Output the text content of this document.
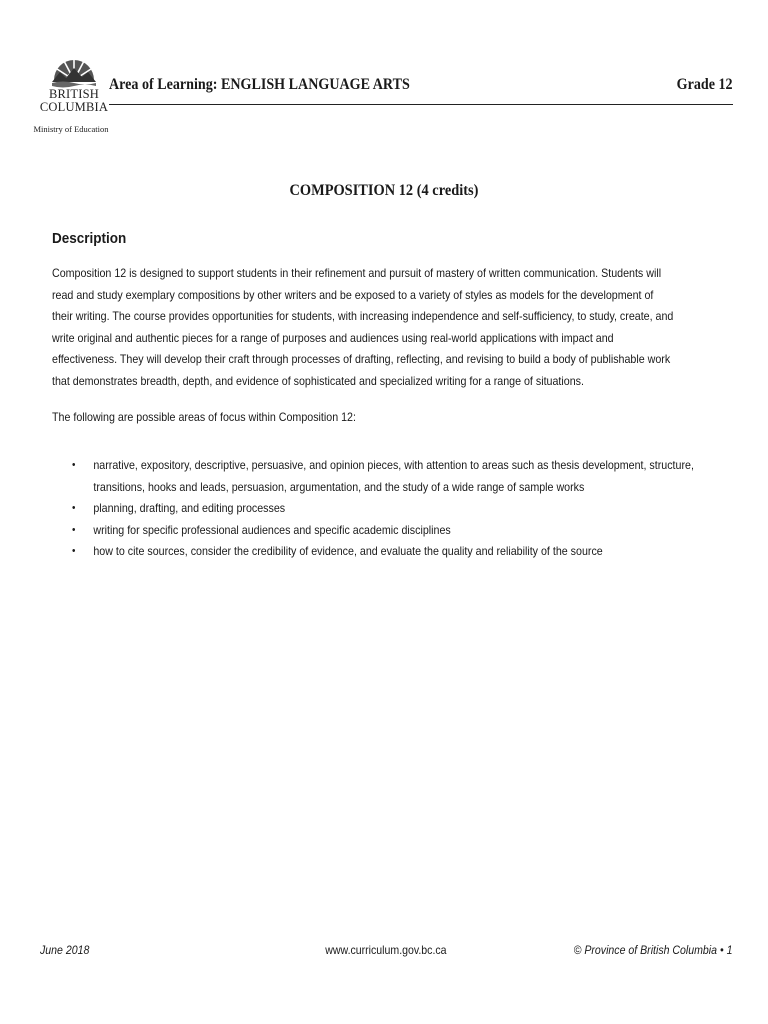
BRITISH
COLUMBIA
Ministry of Education
Area of Learning: ENGLISH LANGUAGE ARTS	Grade 12
COMPOSITION 12 (4 credits)
Description
Composition 12 is designed to support students in their refinement and pursuit of mastery of written communication. Students will read and study exemplary compositions by other writers and be exposed to a variety of styles as models for the development of their writing. The course provides opportunities for students, with increasing independence and self-sufficiency, to study, create, and write original and authentic pieces for a range of purposes and audiences using real-world applications with impact and effectiveness. They will develop their craft through processes of drafting, reflecting, and revising to build a body of publishable work that demonstrates breadth, depth, and evidence of sophisticated and specialized writing for a range of situations.
The following are possible areas of focus within Composition 12:
• narrative, expository, descriptive, persuasive, and opinion pieces, with attention to areas such as thesis development, structure, transitions, hooks and leads, persuasion, argumentation, and the study of a wide range of sample works
• planning, drafting, and editing processes
• writing for specific professional audiences and specific academic disciplines
• how to cite sources, consider the credibility of evidence, and evaluate the quality and reliability of the source
June 2018	www.curriculum.gov.bc.ca	© Province of British Columbia • 1
